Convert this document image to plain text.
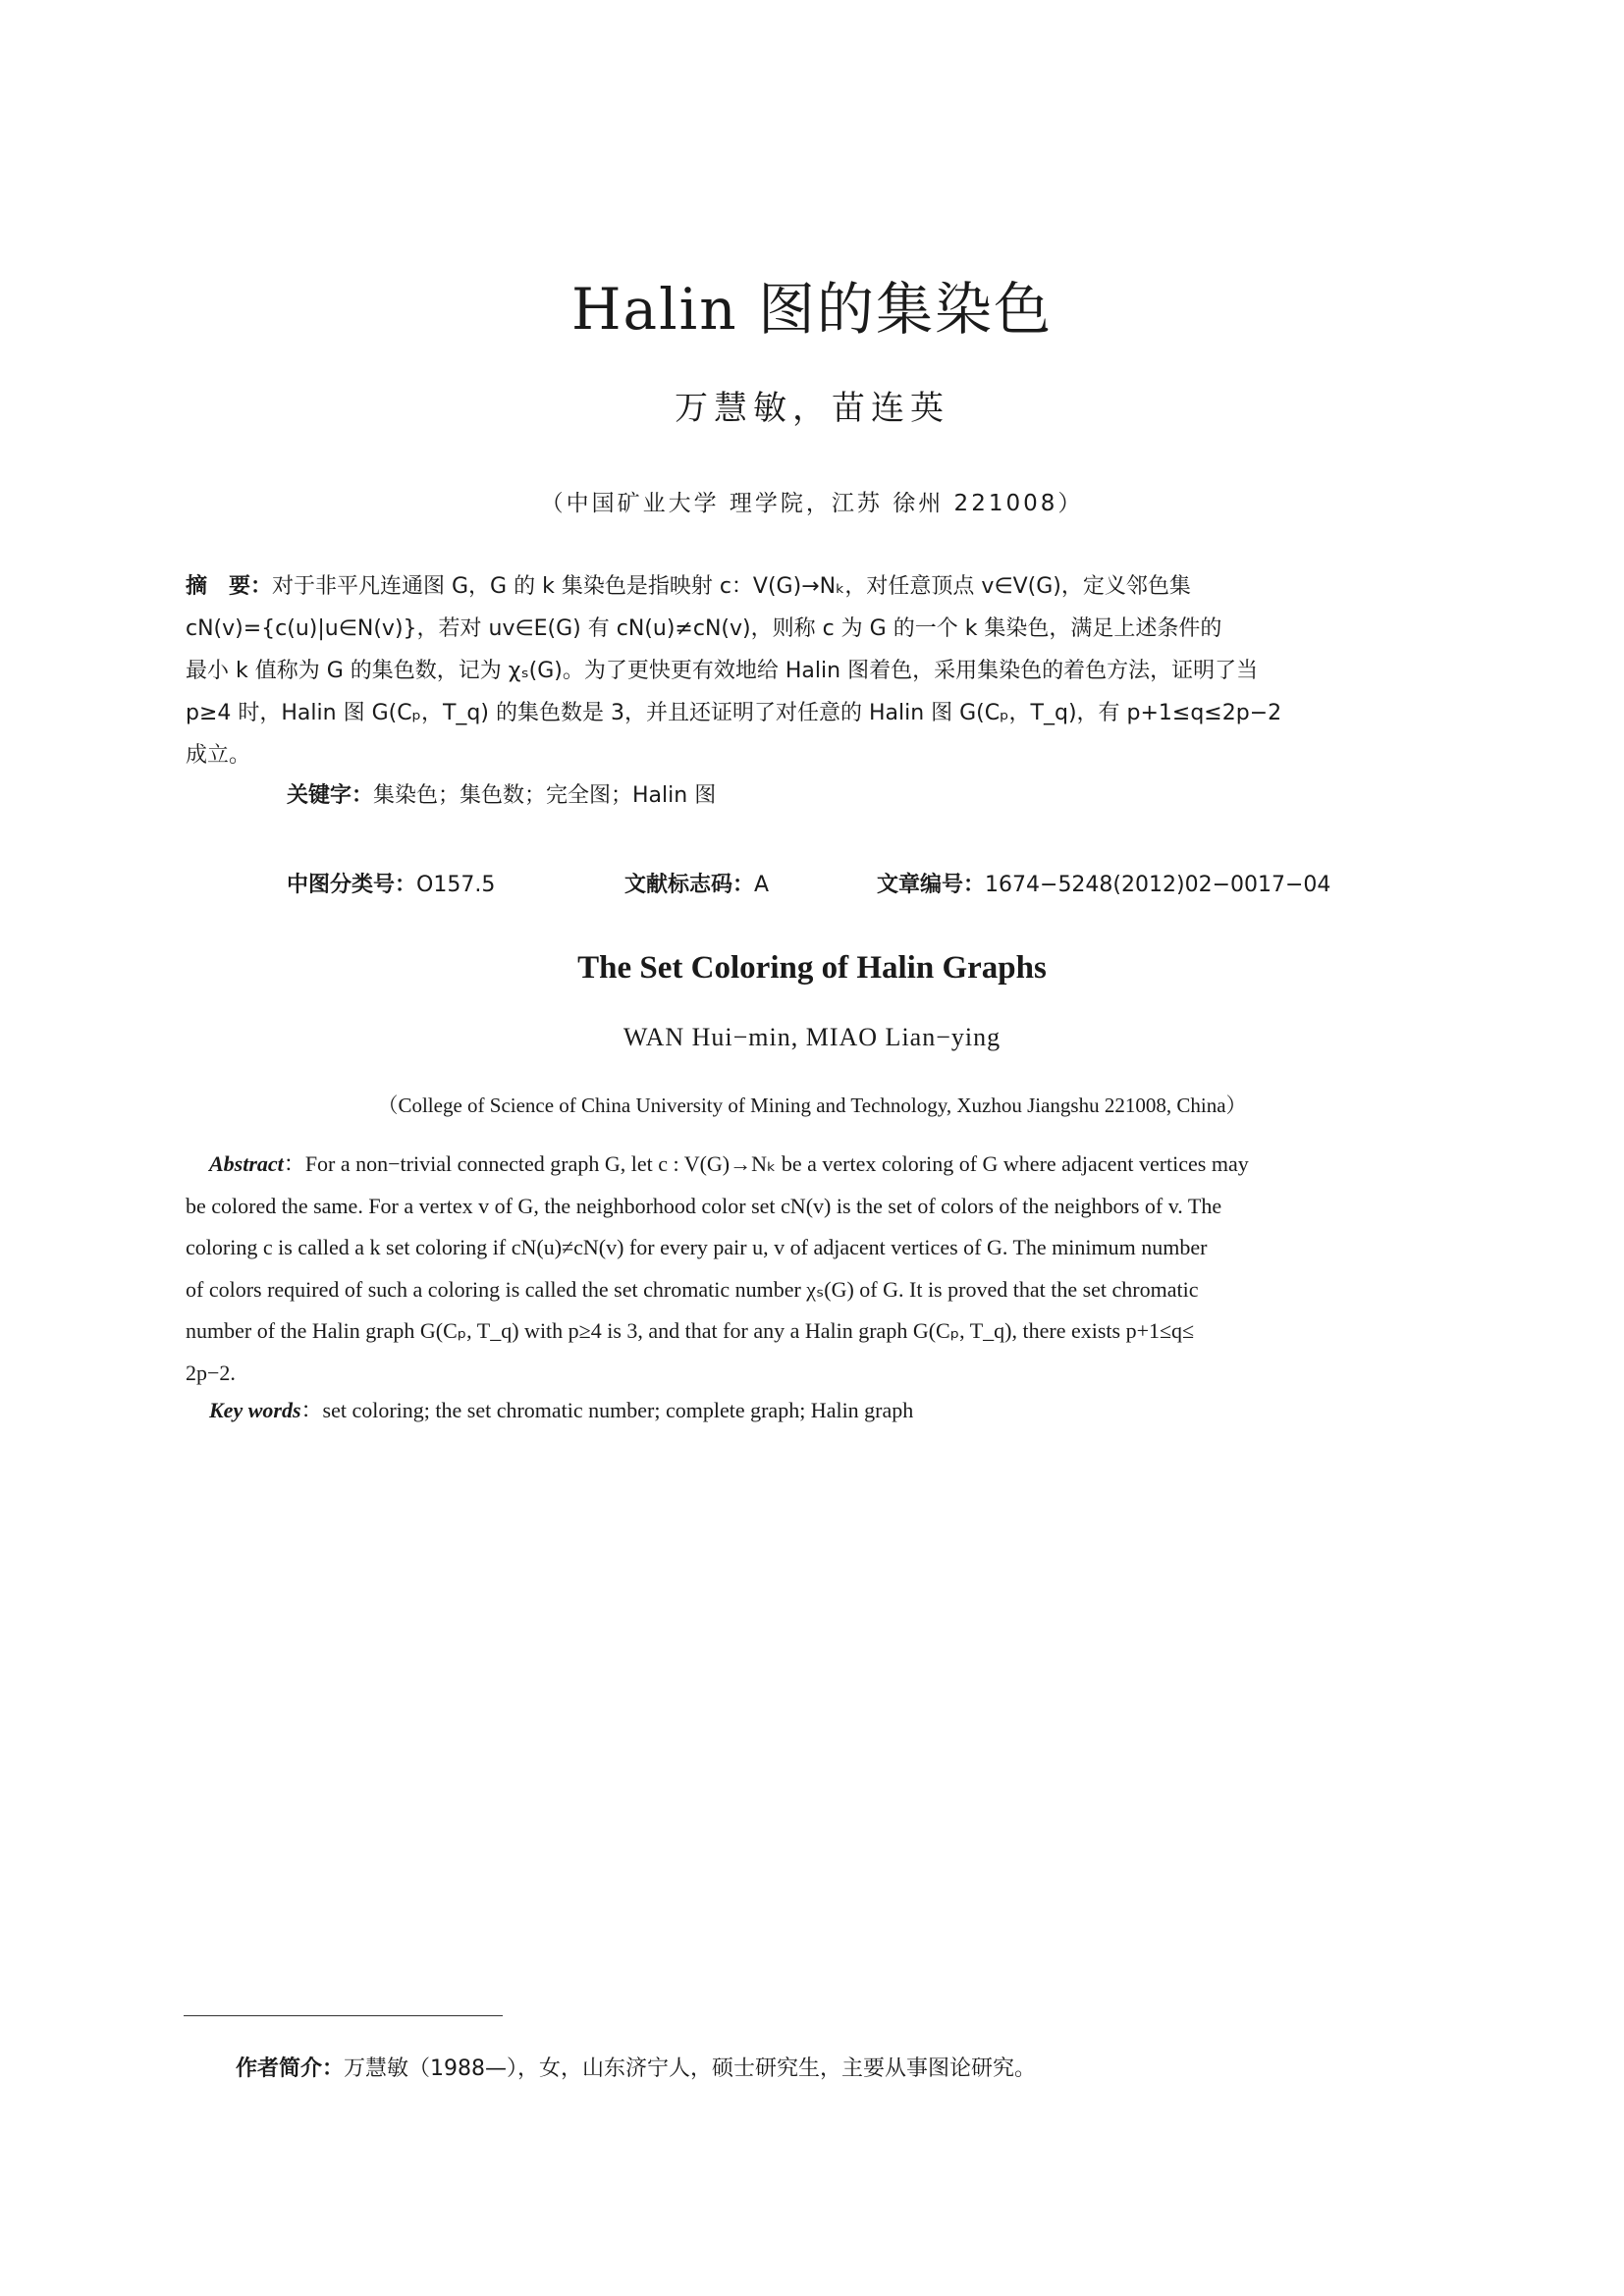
Halin 图的集染色
万慧敏，苗连英
（中国矿业大学 理学院，江苏 徐州 221008）

摘　要：对于非平凡连通图 G，G 的 k 集染色是指映射 c：V(G)→Nₖ，对任意顶点 v∈V(G)，定义邻色集

cN(v)={c(u)|u∈N(v)}，若对 uv∈E(G) 有 cN(u)≠cN(v)，则称 c 为 G 的一个 k 集染色，满足上述条件的

最小 k 值称为 G 的集色数，记为 χₛ(G)。为了更快更有效地给 Halin 图着色，采用集染色的着色方法，证明了当

p≥4 时，Halin 图 G(Cₚ，T_q) 的集色数是 3，并且还证明了对任意的 Halin 图 G(Cₚ，T_q)，有 p+1≤q≤2p−2

成立。

关键字：集染色；集色数；完全图；Halin 图
中图分类号：O157.5	文献标志码：A	文章编号：1674−5248(2012)02−0017−04
The Set Coloring of Halin Graphs
WAN Hui−min, MIAO Lian−ying
（College of Science of China University of Mining and Technology, Xuzhou Jiangshu 221008, China）

Abstract：For a non−trivial connected graph G, let c : V(G)→Nₖ be a vertex coloring of G where adjacent vertices may

be colored the same. For a vertex v of G, the neighborhood color set cN(v) is the set of colors of the neighbors of v. The

coloring c is called a k set coloring if cN(u)≠cN(v) for every pair u, v of adjacent vertices of G. The minimum number

of colors required of such a coloring is called the set chromatic number χₛ(G) of G. It is proved that the set chromatic

number of the Halin graph G(Cₚ, T_q) with p≥4 is 3, and that for any a Halin graph G(Cₚ, T_q), there exists p+1≤q≤

2p−2.

Key words：set coloring; the set chromatic number; complete graph; Halin graph
作者简介：万慧敏（1988—），女，山东济宁人，硕士研究生，主要从事图论研究。
